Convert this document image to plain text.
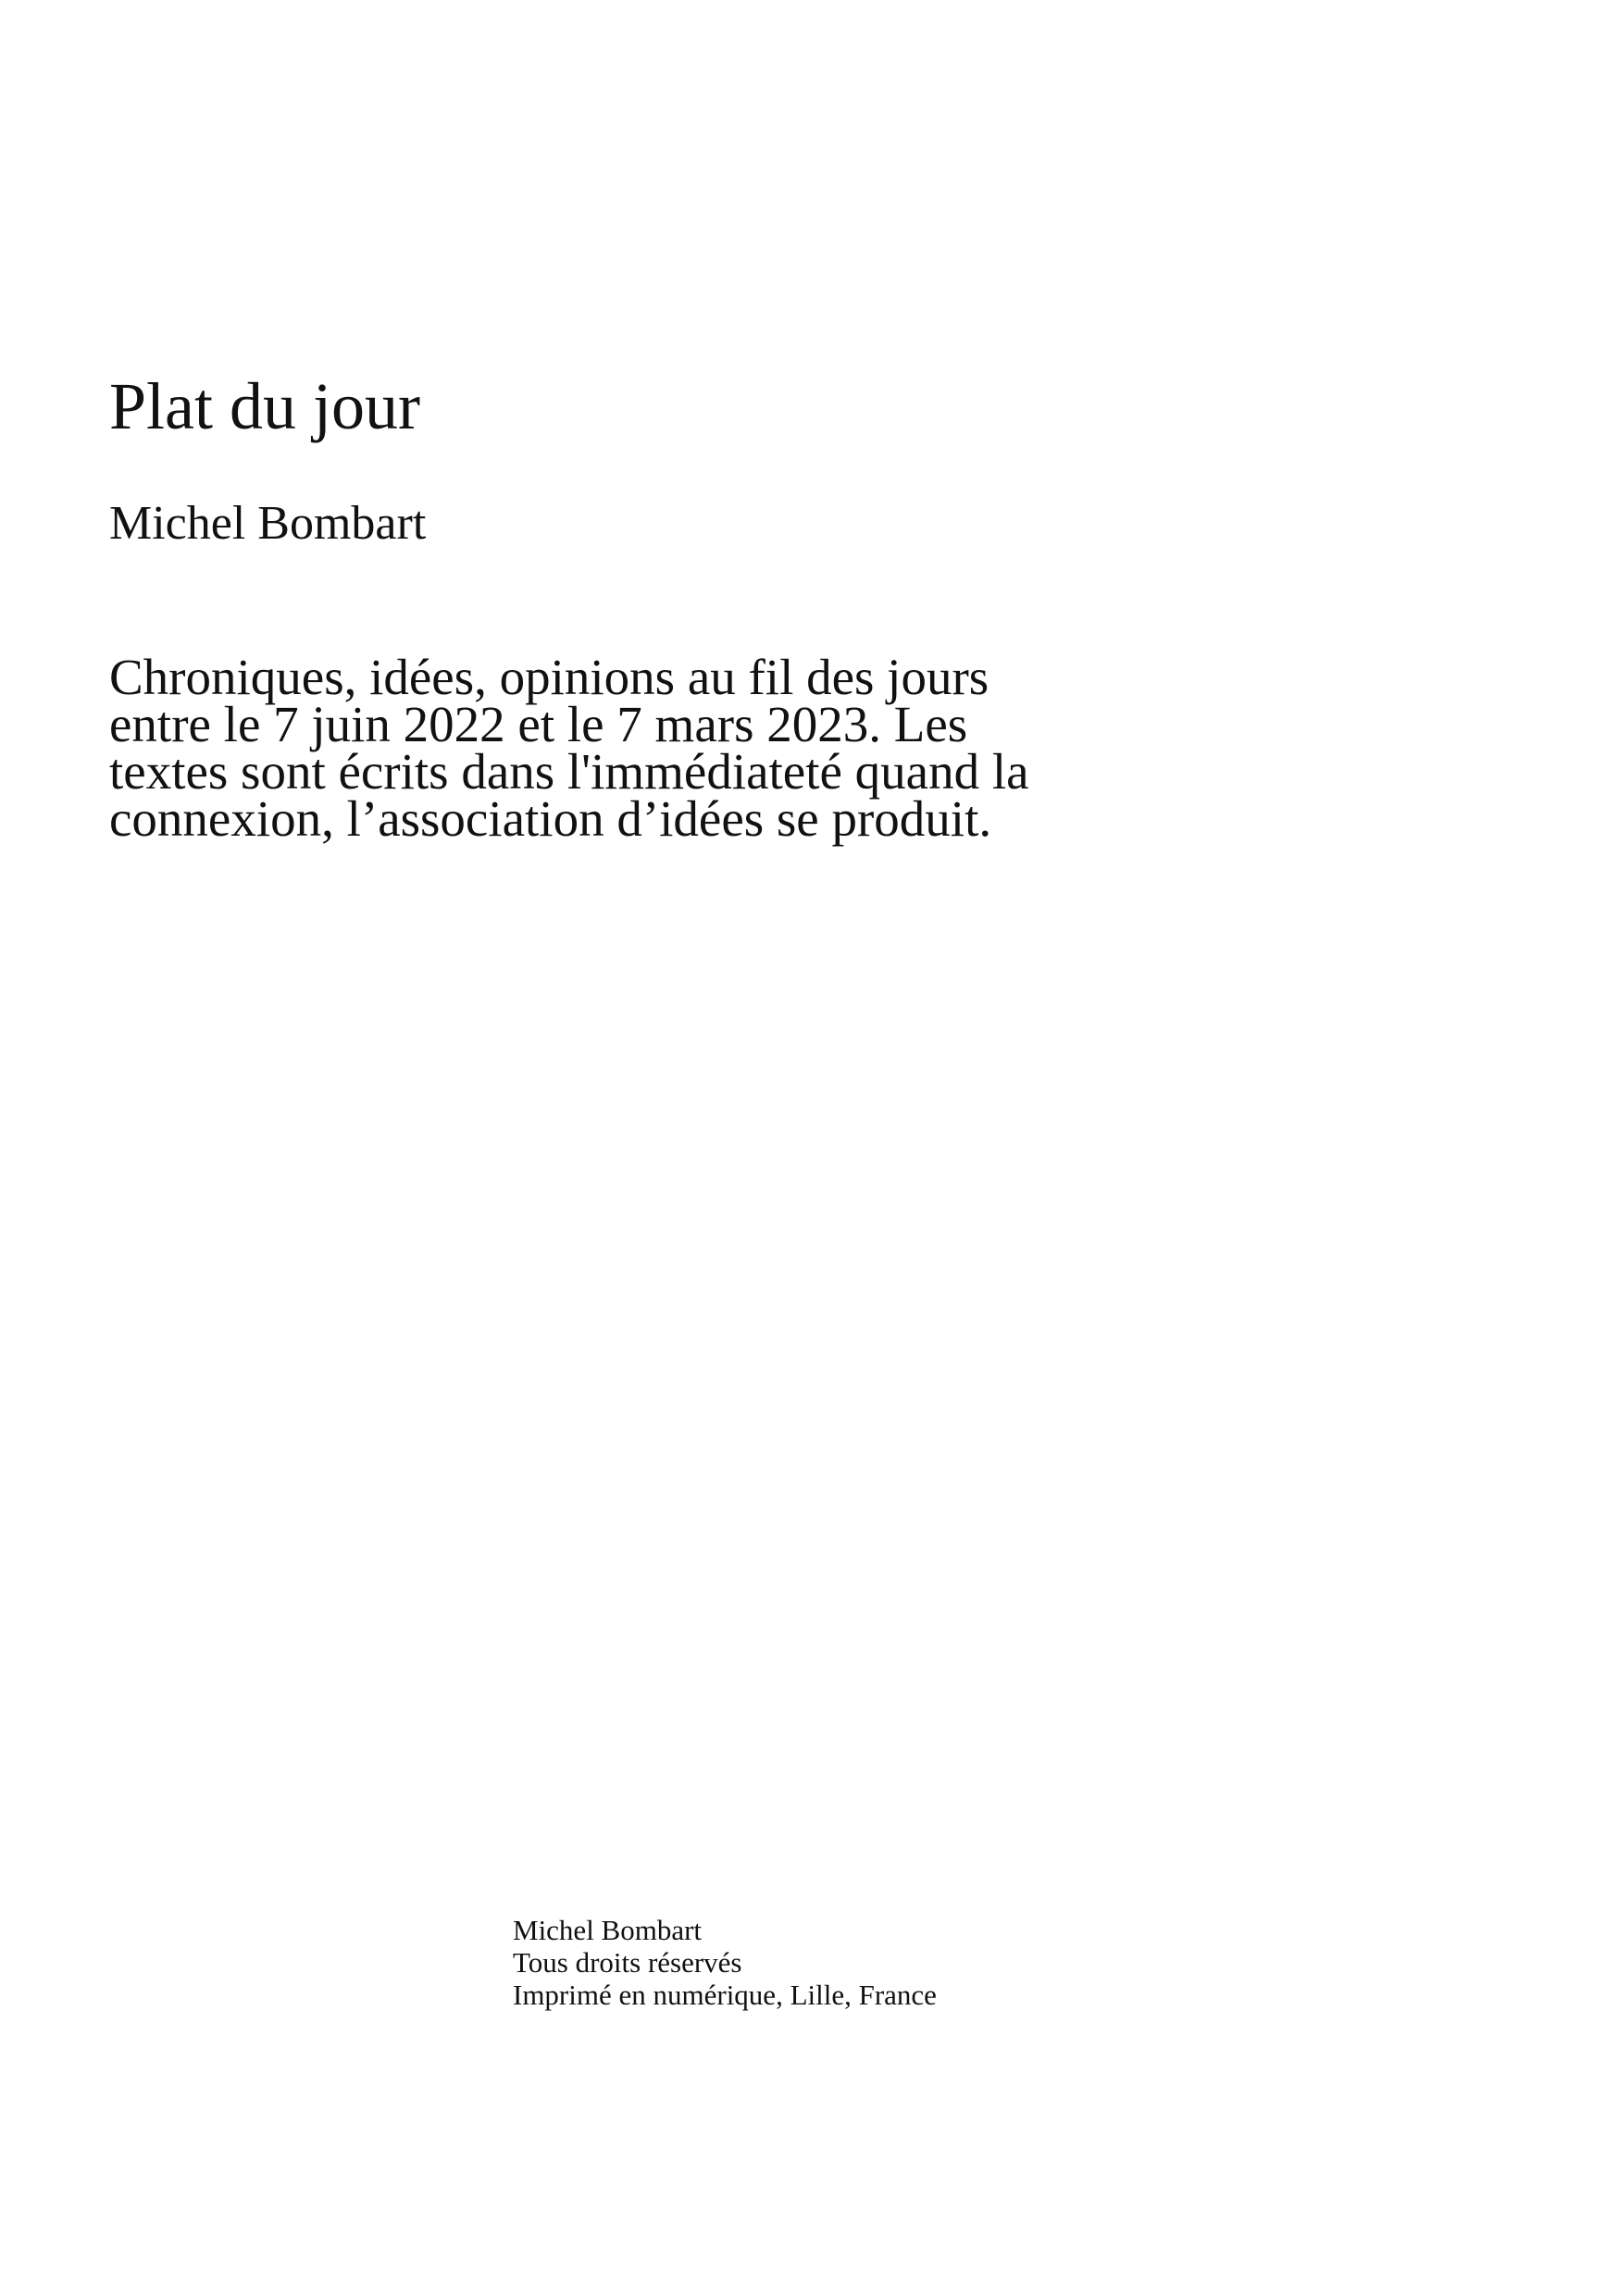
Plat du jour
Michel Bombart

Chroniques, idées, opinions au fil des jours
entre le 7 juin 2022 et le 7 mars 2023. Les
textes sont écrits dans l'immédiateté quand la
connexion, l’association d’idées se produit.

Michel Bombart
Tous droits réservés
Imprimé en numérique, Lille, France
